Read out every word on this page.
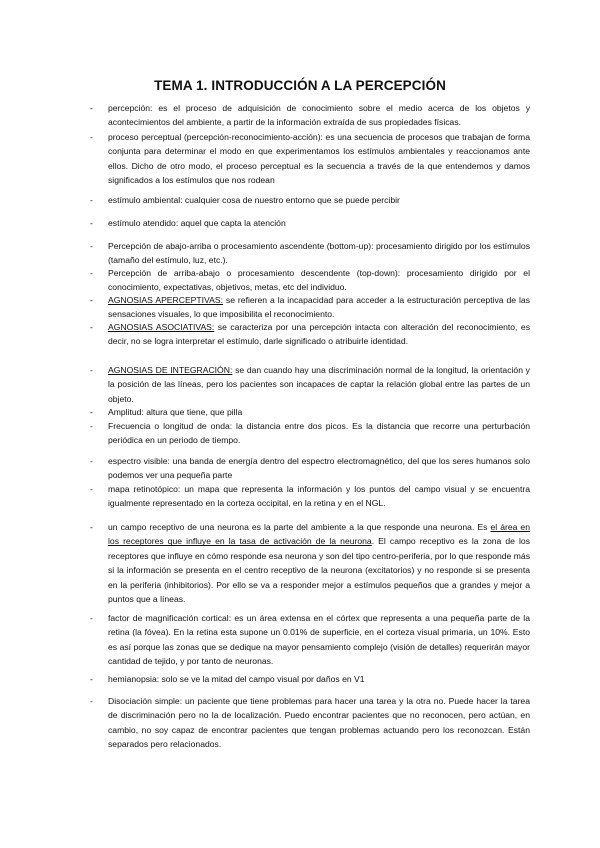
TEMA 1. INTRODUCCIÓN A LA PERCEPCIÓN
- percepción: es el proceso de adquisición de conocimiento sobre el medio acerca de los objetos y acontecimientos del ambiente, a partir de la información extraída de sus propiedades físicas.
- proceso perceptual (percepción-reconocimiento-acción): es una secuencia de procesos que trabajan de forma conjunta para determinar el modo en que experimentamos los estímulos ambientales y reaccionamos ante ellos. Dicho de otro modo, el proceso perceptual es la secuencia a través de la que entendemos y damos significados a los estímulos que nos rodean
- estímulo ambiental: cualquier cosa de nuestro entorno que se puede percibir
- estímulo atendido: aquel que capta la atención
- Percepción de abajo-arriba o procesamiento ascendente (bottom-up): procesamiento dirigido por los estímulos (tamaño del estímulo, luz, etc.).
- Percepción de arriba-abajo o procesamiento descendente (top-down): procesamiento dirigido por el conocimiento, expectativas, objetivos, metas, etc del individuo.
- AGNOSIAS APERCEPTIVAS: se refieren a la incapacidad para acceder a la estructuración perceptiva de las sensaciones visuales, lo que imposibilita el reconocimiento.
- AGNOSIAS ASOCIATIVAS: se caracteriza por una percepción intacta con alteración del reconocimiento, es decir, no se logra interpretar el estímulo, darle significado o atribuirle identidad.
- AGNOSIAS DE INTEGRACIÓN: se dan cuando hay una discriminación normal de la longitud, la orientación y la posición de las líneas, pero los pacientes son incapaces de captar la relación global entre las partes de un objeto.
- Amplitud: altura que tiene, que pilla
- Frecuencia o longitud de onda: la distancia entre dos picos. Es la distancia que recorre una perturbación periódica en un periodo de tiempo.
- espectro visible: una banda de energía dentro del espectro electromagnético, del que los seres humanos solo podemos ver una pequeña parte
- mapa retinotópico: un mapa que representa la información y los puntos del campo visual y se encuentra igualmente representado en la corteza occipital, en la retina y en el NGL.
- un campo receptivo de una neurona es la parte del ambiente a la que responde una neurona. Es el área en los receptores que influye en la tasa de activación de la neurona. El campo receptivo es la zona de los receptores que influye en cómo responde esa neurona y son del tipo centro-periferia, por lo que responde más si la información se presenta en el centro receptivo de la neurona (excitatorios) y no responde si se presenta en la periferia (inhibitorios). Por ello se va a responder mejor a estímulos pequeños que a grandes y mejor a puntos que a líneas.
- factor de magnificación cortical: es un área extensa en el córtex que representa a una pequeña parte de la retina (la fóvea). En la retina esta supone un 0.01% de superficie, en el corteza visual primaria, un 10%. Esto es así porque las zonas que se dedique na mayor pensamiento complejo (visión de detalles) requerirán mayor cantidad de tejido, y por tanto de neuronas.
- hemianopsia: solo se ve la mitad del campo visual por daños en V1
- Disociación simple: un paciente que tiene problemas para hacer una tarea y la otra no. Puede hacer la tarea de discriminación pero no la de localización. Puedo encontrar pacientes que no reconocen, pero actúan, en cambio, no soy capaz de encontrar pacientes que tengan problemas actuando pero los reconozcan. Están separados pero relacionados.
